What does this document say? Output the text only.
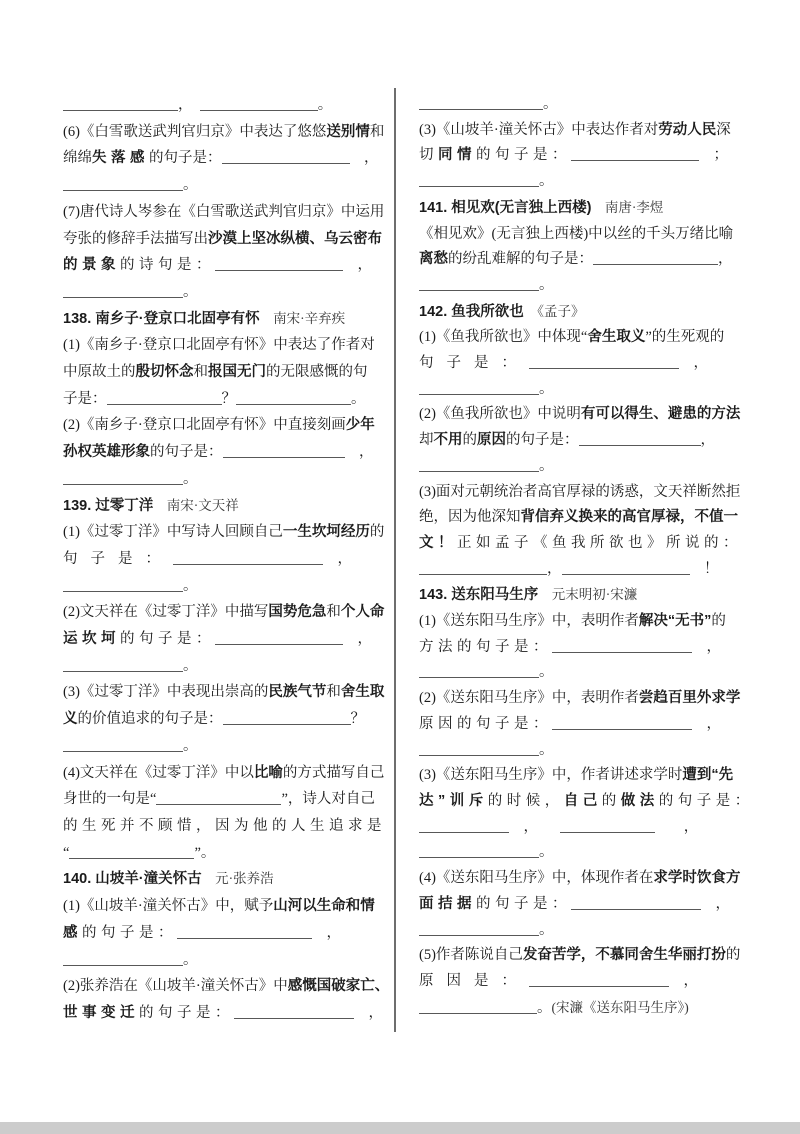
，　	。
(6)《白雪歌送武判官归京》中表达了悠悠送别情和
绵绵失落感的句子是：	　，
。
(7)唐代诗人岑参在《白雪歌送武判官归京》中运用
夸张的修辞手法描写出沙漠上坚冰纵横、乌云密布
的景象的诗句是：	　，
。
138. 南乡子·登京口北固亭有怀　南宋·辛弃疾
(1)《南乡子·登京口北固亭有怀》中表达了作者对
中原故土的殷切怀念和报国无门的无限感慨的句
子是：	？	。
(2)《南乡子·登京口北固亭有怀》中直接刻画少年
孙权英雄形象的句子是：	　，
。
139. 过零丁洋　南宋·文天祥
(1)《过零丁洋》中写诗人回顾自己一生坎坷经历的
句子是：	　，
。
(2)文天祥在《过零丁洋》中描写国势危急和个人命
运坎坷的句子是：	　，
。
(3)《过零丁洋》中表现出崇高的民族气节和舍生取
义的价值追求的句子是：	？
。
(4)文天祥在《过零丁洋》中以比喻的方式描写自己
身世的一句是“	”，诗人对自己
的生死并不顾惜，因为他的人生追求是
“	”。
140. 山坡羊·潼关怀古　元·张养浩
(1)《山坡羊·潼关怀古》中，赋予山河以生命和情
感的句子是：	　，
。
(2)张养浩在《山坡羊·潼关怀古》中感慨国破家亡、
世事变迁的句子是：	　，
。
(3)《山坡羊·潼关怀古》中表达作者对劳动人民深
切同情的句子是：	　；
。
141. 相见欢(无言独上西楼)　南唐·李煜
《相见欢》(无言独上西楼)中以丝的千头万绪比喻
离愁的纷乱难解的句子是：	，
。
142. 鱼我所欲也　《孟子》
(1)《鱼我所欲也》中体现“舍生取义”的生死观的
句子是：	　，
。
(2)《鱼我所欲也》中说明有可以得生、避患的方法
却不用的原因的句子是：	，
。
(3)面对元朝统治者高官厚禄的诱惑，文天祥断然拒
绝，因为他深知背信弃义换来的高官厚禄，不值一
文！正如孟子《鱼我所欲也》所说的：
，	　！
143. 送东阳马生序　元末明初·宋濂
(1)《送东阳马生序》中，表明作者解决“无书”的
方法的句子是：	　，
。
(2)《送东阳马生序》中，表明作者尝趋百里外求学
原因的句子是：	　，
。
(3)《送东阳马生序》中，作者讲述求学时遭到“先
达”训斥的时候，自己的做法的句子是：
　，　　	　　，
。
(4)《送东阳马生序》中，体现作者在求学时饮食方
面拮据的句子是：	　，
。
(5)作者陈说自己发奋苦学，不慕同舍生华丽打扮的
原因是：	　，
。(宋濂《送东阳马生序》)
